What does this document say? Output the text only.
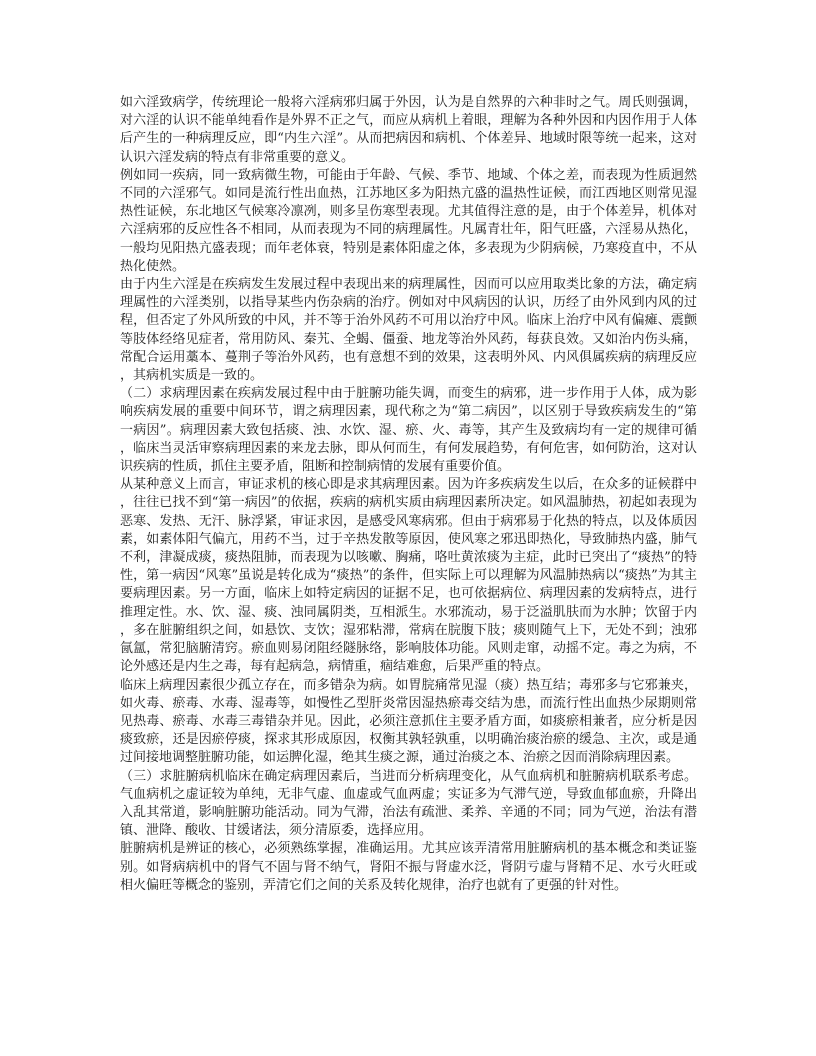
如六淫致病学，传统理论一般将六淫病邪归属于外因，认为是自然界的六种非时之气。周氏则强调，对六淫的认识不能单纯看作是外界不正之气，而应从病机上着眼，理解为各种外因和内因作用于人体后产生的一种病理反应，即“内生六淫”。从而把病因和病机、个体差异、地域时限等统一起来，这对认识六淫发病的特点有非常重要的意义。

例如同一疾病，同一致病微生物，可能由于年龄、气候、季节、地域、个体之差，而表现为性质迥然不同的六淫邪气。如同是流行性出血热，江苏地区多为阳热亢盛的温热性证候，而江西地区则常见湿热性证候，东北地区气候寒冷凛冽，则多呈伤寒型表现。尤其值得注意的是，由于个体差异，机体对六淫病邪的反应性各不相同，从而表现为不同的病理属性。凡属青壮年，阳气旺盛，六淫易从热化，一般均见阳热亢盛表现；而年老体衰，特别是素体阳虚之体，多表现为少阴病候，乃寒疫直中，不从热化使然。

由于内生六淫是在疾病发生发展过程中表现出来的病理属性，因而可以应用取类比象的方法，确定病理属性的六淫类别，以指导某些内伤杂病的治疗。例如对中风病因的认识，历经了由外风到内风的过程，但否定了外风所致的中风，并不等于治外风药不可用以治疗中风。临床上治疗中风有偏瘫、震颤等肢体经络见症者，常用防风、秦艽、全蝎、僵蚕、地龙等治外风药，每获良效。又如治内伤头痛，常配合运用藁本、蔓荆子等治外风药，也有意想不到的效果，这表明外风、内风俱属疾病的病理反应，其病机实质是一致的。

（二）求病理因素在疾病发展过程中由于脏腑功能失调，而变生的病邪，进一步作用于人体，成为影响疾病发展的重要中间环节，谓之病理因素，现代称之为“第二病因”，以区别于导致疾病发生的“第一病因”。病理因素大致包括痰、浊、水饮、湿、瘀、火、毒等，其产生及致病均有一定的规律可循，临床当灵活审察病理因素的来龙去脉，即从何而生，有何发展趋势，有何危害，如何防治，这对认识疾病的性质，抓住主要矛盾，阻断和控制病情的发展有重要价值。

从某种意义上而言，审证求机的核心即是求其病理因素。因为许多疾病发生以后，在众多的证候群中，往往已找不到“第一病因”的依据，疾病的病机实质由病理因素所决定。如风温肺热，初起如表现为恶寒、发热、无汗、脉浮紧，审证求因，是感受风寒病邪。但由于病邪易于化热的特点，以及体质因素，如素体阳气偏亢，用药不当，过于辛热发散等原因，使风寒之邪迅即热化，导致肺热内盛，肺气不利，津凝成痰，痰热阻肺，而表现为以咳嗽、胸痛，咯吐黄浓痰为主症，此时已突出了“痰热”的特性，第一病因“风寒”虽说是转化成为“痰热”的条件，但实际上可以理解为风温肺热病以“痰热”为其主要病理因素。另一方面，临床上如特定病因的证据不足，也可依据病位、病理因素的发病特点，进行推理定性。水、饮、湿、痰、浊同属阴类，互相派生。水邪流动，易于泛溢肌肤而为水肿；饮留于内，多在脏腑组织之间，如悬饮、支饮；湿邪粘滞，常病在脘腹下肢；痰则随气上下，无处不到；浊邪氤氲，常犯脑腑清窍。瘀血则易闭阻经隧脉络，影响肢体功能。风则走窜，动摇不定。毒之为病，不论外感还是内生之毒，每有起病急，病情重，痼结难愈，后果严重的特点。

临床上病理因素很少孤立存在，而多错杂为病。如胃脘痛常见湿（痰）热互结；毒邪多与它邪兼夹，如火毒、瘀毒、水毒、湿毒等，如慢性乙型肝炎常因湿热瘀毒交结为患，而流行性出血热少尿期则常见热毒、瘀毒、水毒三毒错杂并见。因此，必须注意抓住主要矛盾方面，如痰瘀相兼者，应分析是因痰致瘀，还是因瘀停痰，探求其形成原因，权衡其孰轻孰重，以明确治痰治瘀的缓急、主次，或是通过间接地调整脏腑功能，如运脾化湿，绝其生痰之源，通过治痰之本、治瘀之因而消除病理因素。

（三）求脏腑病机临床在确定病理因素后，当进而分析病理变化，从气血病机和脏腑病机联系考虑。气血病机之虚证较为单纯，无非气虚、血虚或气血两虚；实证多为气滞气逆，导致血郁血瘀，升降出入乱其常道，影响脏腑功能活动。同为气滞，治法有疏泄、柔养、辛通的不同；同为气逆，治法有潜镇、泄降、酸收、甘缓诸法，须分清原委，选择应用。

脏腑病机是辨证的核心，必须熟练掌握，准确运用。尤其应该弄清常用脏腑病机的基本概念和类证鉴别。如肾病病机中的肾气不固与肾不纳气，肾阳不振与肾虚水泛，肾阴亏虚与肾精不足、水亏火旺或相火偏旺等概念的鉴别，弄清它们之间的关系及转化规律，治疗也就有了更强的针对性。
